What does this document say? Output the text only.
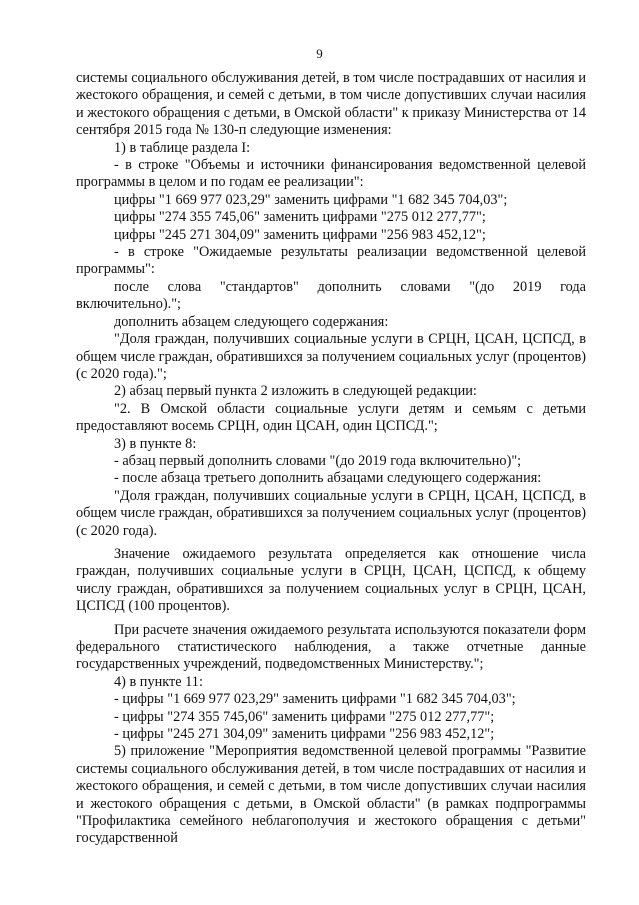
9

системы социального обслуживания детей, в том числе пострадавших от насилия и жестокого обращения, и семей с детьми, в том числе допустивших случаи насилия и жестокого обращения с детьми, в Омской области" к приказу Министерства от 14 сентября 2015 года № 130-п следующие изменения:

1) в таблице раздела I:

- в строке "Объемы и источники финансирования ведомственной целевой программы в целом и по годам ее реализации":

цифры "1 669 977 023,29" заменить цифрами "1 682 345 704,03";

цифры "274 355 745,06" заменить цифрами "275 012 277,77";

цифры "245 271 304,09" заменить цифрами "256 983 452,12";

- в строке "Ожидаемые результаты реализации ведомственной целевой программы":

после слова "стандартов" дополнить словами "(до 2019 года включительно).";

дополнить абзацем следующего содержания:

"Доля граждан, получивших социальные услуги в СРЦН, ЦСАН, ЦСПСД, в общем числе граждан, обратившихся за получением социальных услуг (процентов) (с 2020 года).";

2) абзац первый пункта 2 изложить в следующей редакции:

"2. В Омской области социальные услуги детям и семьям с детьми предоставляют восемь СРЦН, один ЦСАН, один ЦСПСД.";

3) в пункте 8:

- абзац первый дополнить словами "(до 2019 года включительно)";

- после абзаца третьего дополнить абзацами следующего содержания:

"Доля граждан, получивших социальные услуги в СРЦН, ЦСАН, ЦСПСД, в общем числе граждан, обратившихся за получением социальных услуг (процентов) (с 2020 года).

Значение ожидаемого результата определяется как отношение числа граждан, получивших социальные услуги в СРЦН, ЦСАН, ЦСПСД, к общему числу граждан, обратившихся за получением социальных услуг в СРЦН, ЦСАН, ЦСПСД (100 процентов).

При расчете значения ожидаемого результата используются показатели форм федерального статистического наблюдения, а также отчетные данные государственных учреждений, подведомственных Министерству.";

4) в пункте 11:

- цифры "1 669 977 023,29" заменить цифрами "1 682 345 704,03";

- цифры "274 355 745,06" заменить цифрами "275 012 277,77";

- цифры "245 271 304,09" заменить цифрами "256 983 452,12";

5) приложение "Мероприятия ведомственной целевой программы "Развитие системы социального обслуживания детей, в том числе пострадавших от насилия и жестокого обращения, и семей с детьми, в том числе допустивших случаи насилия и жестокого обращения с детьми, в Омской области" (в рамках подпрограммы "Профилактика семейного неблагополучия и жестокого обращения с детьми" государственной
